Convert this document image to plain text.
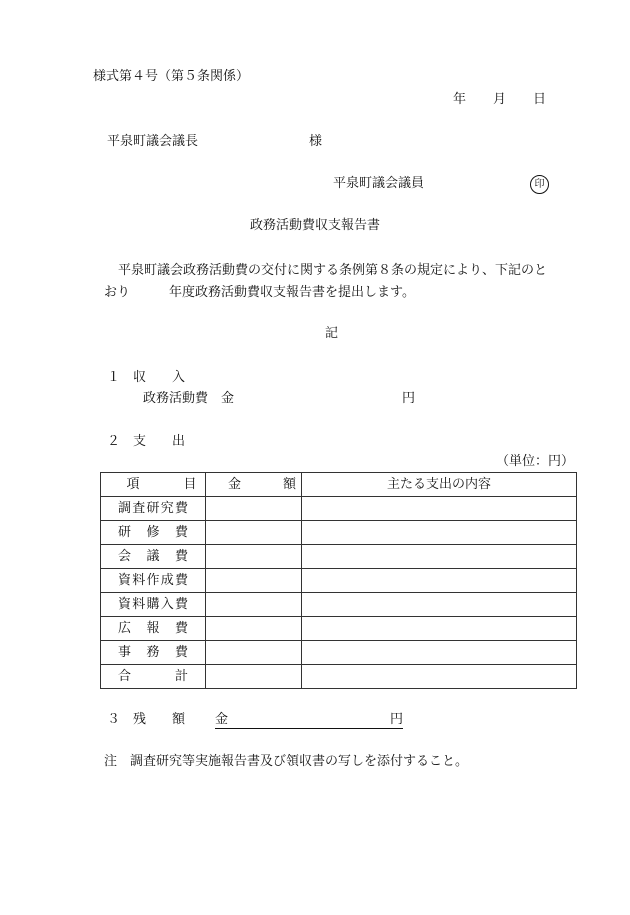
様式第４号（第５条関係）
年 月 日
平泉町議会議長	様
平泉町議会議員	印
政務活動費収支報告書
平泉町議会政務活動費の交付に関する条例第８条の規定により、下記のと
おり　　　年度政務活動費収支報告書を提出します。
記
１　収　　入
政務活動費　金	円
２　支　　出
（単位：円）
項目	金額	主たる支出の内容
調査研究費		
研修費		
会議費		
資料作成費		
資料購入費		
広報費		
事務費		
合計		
３　残　　額 金	円
注　調査研究等実施報告書及び領収書の写しを添付すること。
